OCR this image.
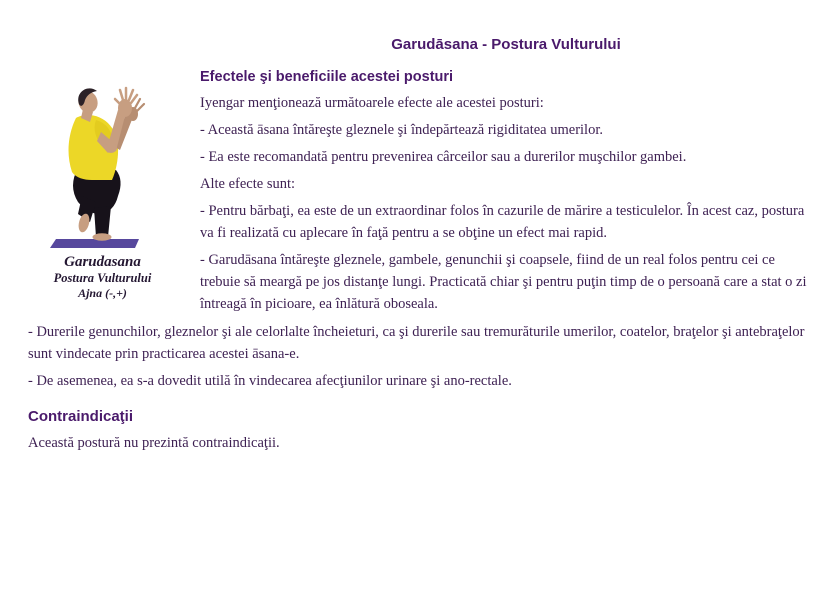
Garudasana
Postura Vulturului
Ajna (-,+)
Garudāsana - Postura Vulturului
Efectele şi beneficiile acestei posturi

Iyengar menţionează următoarele efecte ale acestei posturi:

- Această āsana întăreşte gleznele şi îndepărtează rigiditatea umerilor.

- Ea este recomandată pentru prevenirea cârceilor sau a durerilor muşchilor gambei.

Alte efecte sunt:

- Pentru bărbaţi, ea este de un extraordinar folos în cazurile de mărire a testiculelor. În acest caz, postura va fi realizată cu aplecare în faţă pentru a se obţine un efect mai rapid.

- Garudāsana întăreşte gleznele, gambele, genunchii şi coapsele, fiind de un real folos pentru cei ce trebuie să meargă pe jos distanţe lungi. Practicată chiar şi pentru puţin timp de o persoană care a stat o zi întreagă în picioare, ea înlătură oboseala.

- Durerile genunchilor, gleznelor şi ale celorlalte încheieturi, ca şi durerile sau tremurăturile umerilor, coatelor, braţelor şi antebraţelor sunt vindecate prin practicarea acestei āsana-e.

- De asemenea, ea s-a dovedit utilă în vindecarea afecţiunilor urinare şi ano-rectale.

Contraindicaţii

Această postură nu prezintă contraindicaţii.
